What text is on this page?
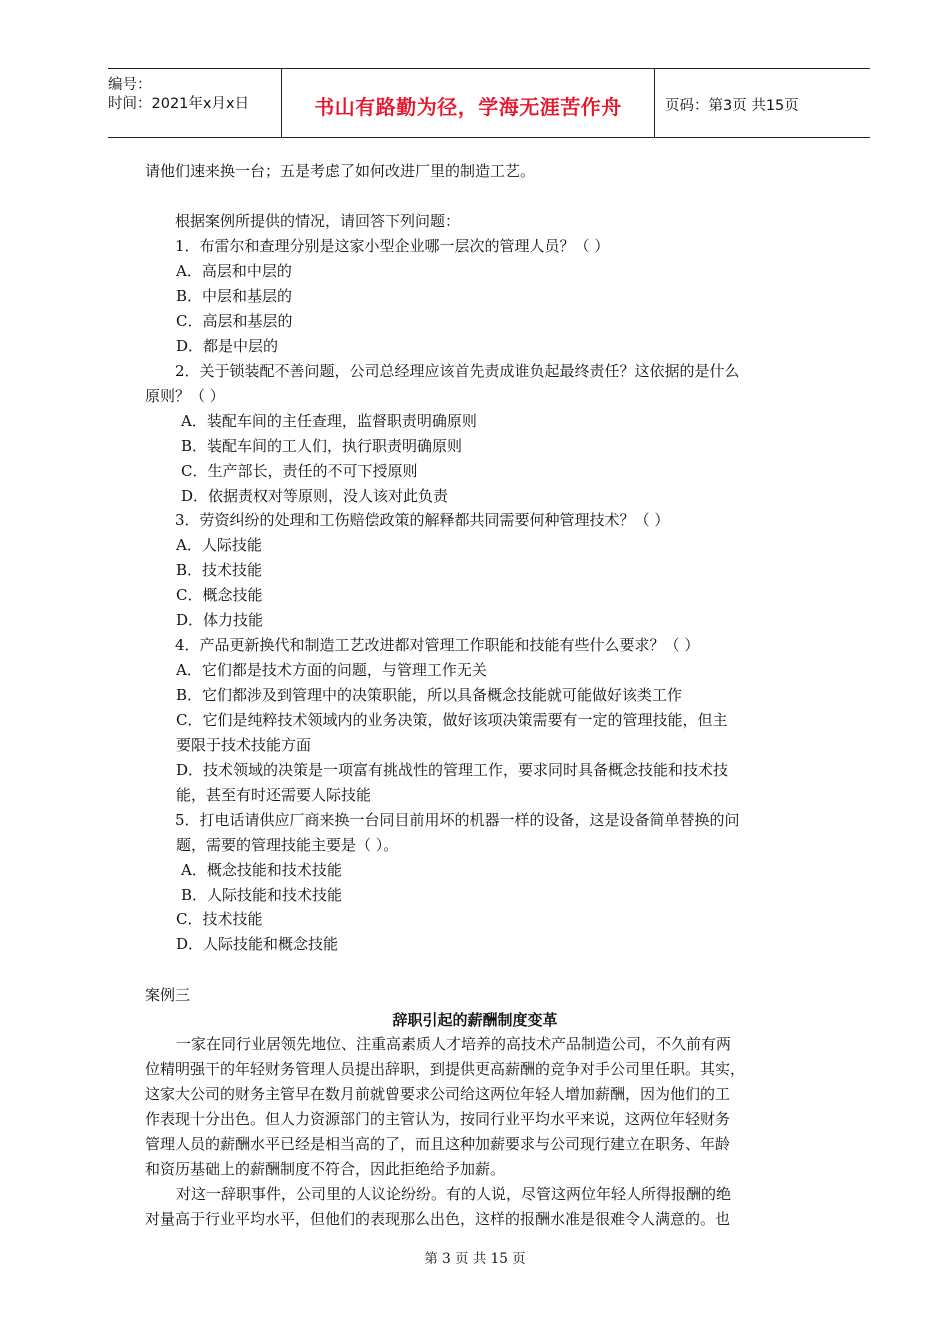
编号：
时间：2021年x月x日	书山有路勤为径，学海无涯苦作舟	页码：第3页 共15页
请他们速来换一台；五是考虑了如何改进厂里的制造工艺。
根据案例所提供的情况，请回答下列问题：
1．布雷尔和查理分别是这家小型企业哪一层次的管理人员？（ ）
A．高层和中层的
B．中层和基层的
C．高层和基层的
D．都是中层的
2．关于锁装配不善问题，公司总经理应该首先责成谁负起最终责任？这依据的是什么
原则？（ ）
A．装配车间的主任查理，监督职责明确原则
B．装配车间的工人们，执行职责明确原则
C．生产部长，责任的不可下授原则
D．依据责权对等原则，没人该对此负责
3．劳资纠纷的处理和工伤赔偿政策的解释都共同需要何种管理技术？（ ）
A．人际技能
B．技术技能
C．概念技能
D．体力技能
4．产品更新换代和制造工艺改进都对管理工作职能和技能有些什么要求？（ ）
A．它们都是技术方面的问题，与管理工作无关
B．它们都涉及到管理中的决策职能，所以具备概念技能就可能做好该类工作
C．它们是纯粹技术领域内的业务决策，做好该项决策需要有一定的管理技能，但主
要限于技术技能方面
D．技术领域的决策是一项富有挑战性的管理工作，要求同时具备概念技能和技术技
能，甚至有时还需要人际技能
5．打电话请供应厂商来换一台同目前用坏的机器一样的设备，这是设备简单替换的问
题，需要的管理技能主要是（ ）。
A．概念技能和技术技能
B．人际技能和技术技能
C．技术技能
D．人际技能和概念技能
案例三
辞职引起的薪酬制度变革
一家在同行业居领先地位、注重高素质人才培养的高技术产品制造公司，不久前有两
位精明强干的年轻财务管理人员提出辞职，到提供更高薪酬的竞争对手公司里任职。其实，
这家大公司的财务主管早在数月前就曾要求公司给这两位年轻人增加薪酬，因为他们的工
作表现十分出色。但人力资源部门的主管认为，按同行业平均水平来说，这两位年轻财务
管理人员的薪酬水平已经是相当高的了，而且这种加薪要求与公司现行建立在职务、年龄
和资历基础上的薪酬制度不符合，因此拒绝给予加薪。
对这一辞职事件，公司里的人议论纷纷。有的人说，尽管这两位年轻人所得报酬的绝
对量高于行业平均水平，但他们的表现那么出色，这样的报酬水准是很难令人满意的。也
第 3 页 共 15 页
